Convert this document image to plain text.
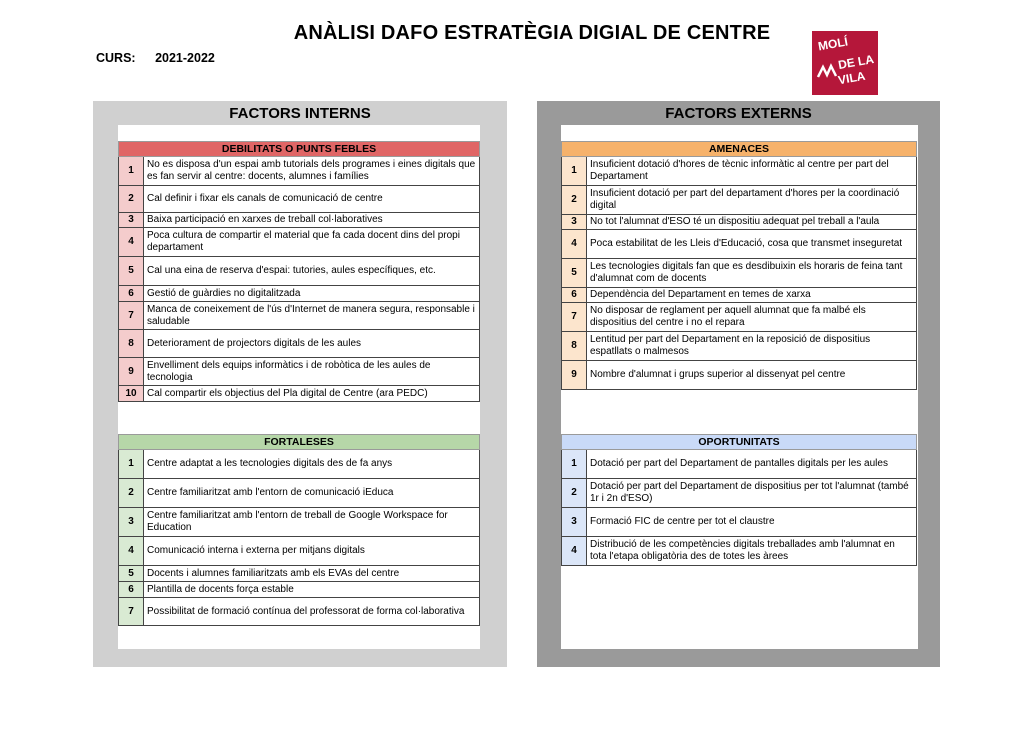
ANÀLISI DAFO ESTRATÈGIA DIGIAL DE CENTRE
CURS: 2021-2022
MOLÍ
DE LA
VILA
FACTORS INTERNS
DEBILITATS O PUNTS FEBLES	
1	No es disposa d'un espai amb tutorials dels programes i eines digitals que es fan servir al centre: docents, alumnes i famílies
2	Cal definir i fixar els canals de comunicació de centre
3	Baixa participació en xarxes de treball col·laboratives
4	Poca cultura de compartir el material que fa cada docent dins del propi departament
5	Cal una eina de reserva d'espai: tutories, aules específiques, etc.
6	Gestió de guàrdies no digitalitzada
7	Manca de coneixement de l'ús d'Internet de manera segura, responsable i saludable
8	Deteriorament de projectors digitals de les aules
9	Envelliment dels equips informàtics i de robòtica de les aules de tecnologia
10	Cal compartir els objectius del Pla digital de Centre (ara PEDC)
FORTALESES	
1	Centre adaptat a les tecnologies digitals des de fa anys
2	Centre familiaritzat amb l'entorn de comunicació iEduca
3	Centre familiaritzat amb l'entorn de treball de Google Workspace for Education
4	Comunicació interna i externa per mitjans digitals
5	Docents i alumnes familiaritzats amb els EVAs del centre
6	Plantilla de docents força estable
7	Possibilitat de formació contínua del professorat de forma col·laborativa
FACTORS EXTERNS
AMENACES	
1	Insuficient dotació d'hores de tècnic informàtic al centre per part del Departament
2	Insuficient dotació per part del departament d'hores per la coordinació digital
3	No tot l'alumnat d'ESO té un dispositiu adequat pel treball a l'aula
4	Poca estabilitat de les Lleis d'Educació, cosa que transmet inseguretat
5	Les tecnologies digitals fan que es desdibuixin els horaris de feina tant d'alumnat com de docents
6	Dependència del Departament en temes de xarxa
7	No disposar de reglament per aquell alumnat que fa malbé els dispositius del centre i no el repara
8	Lentitud per part del Departament en la reposició de dispositius espatllats o malmesos
9	Nombre d'alumnat i grups superior al dissenyat pel centre
OPORTUNITATS	
1	Dotació per part del Departament de pantalles digitals per les aules
2	Dotació per part del Departament de dispositius per tot l'alumnat (també 1r i 2n d'ESO)
3	Formació FIC de centre per tot el claustre
4	Distribució de les competències digitals treballades amb l'alumnat en tota l'etapa obligatòria des de totes les àrees
